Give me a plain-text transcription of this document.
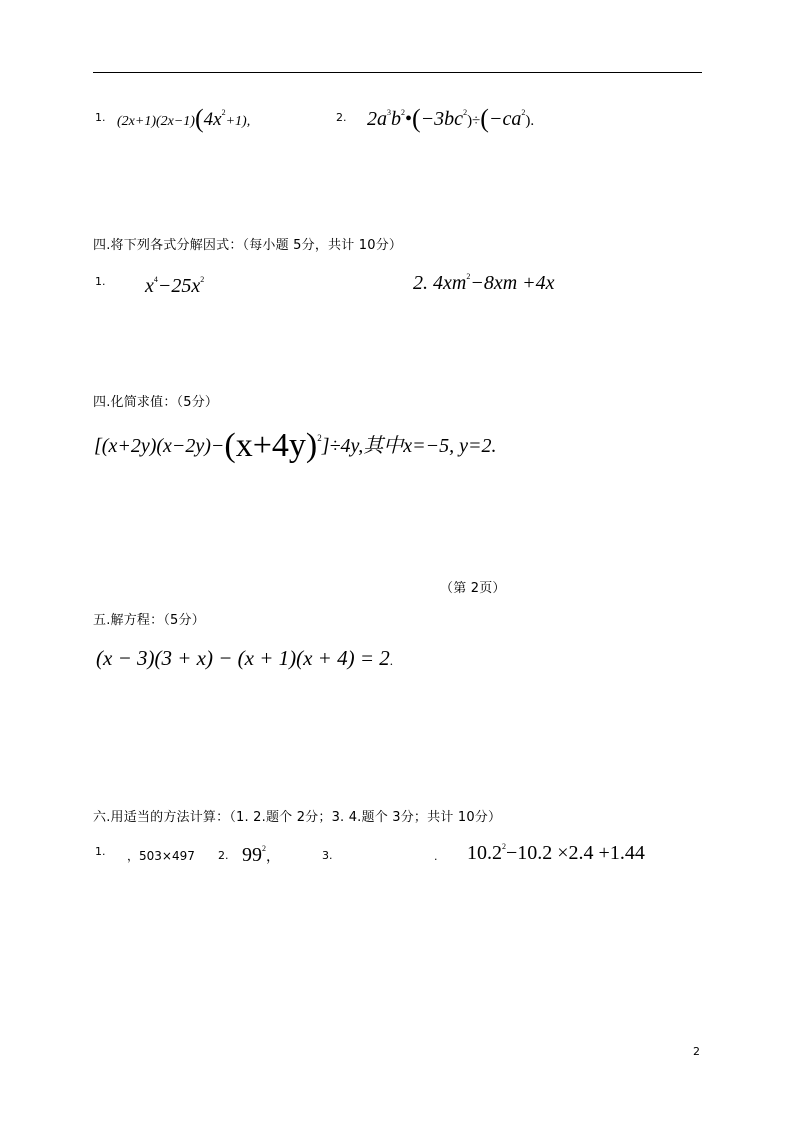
1. $(2x+1)(2x-1)(4x^2+1)$,	2. $2a^3b^2•(-3bc^2)\div(-ca^2)$.
四.将下列各式分解因式：（每小题 5分，共计 10分）
1. $x^4-25x^2$	2. $4xm^2-8xm +4x$
四.化简求值：（5分）
$[(x+2y)(x-2y)-(x+4y)^2]\div 4y$,其中x=−5, y=2.
（第 2页）
五.解方程：（5分）
(x − 3)(3 + x) − (x + 1)(x + 4) = 2.
六.用适当的方法计算：（1. 2.题个 2分；3. 4.题个 3分；共计 10分）
1. ，503×497 2. $99^2$，	3.	. $10.2^2-10.2 \times 2.4 +1.44$
2
